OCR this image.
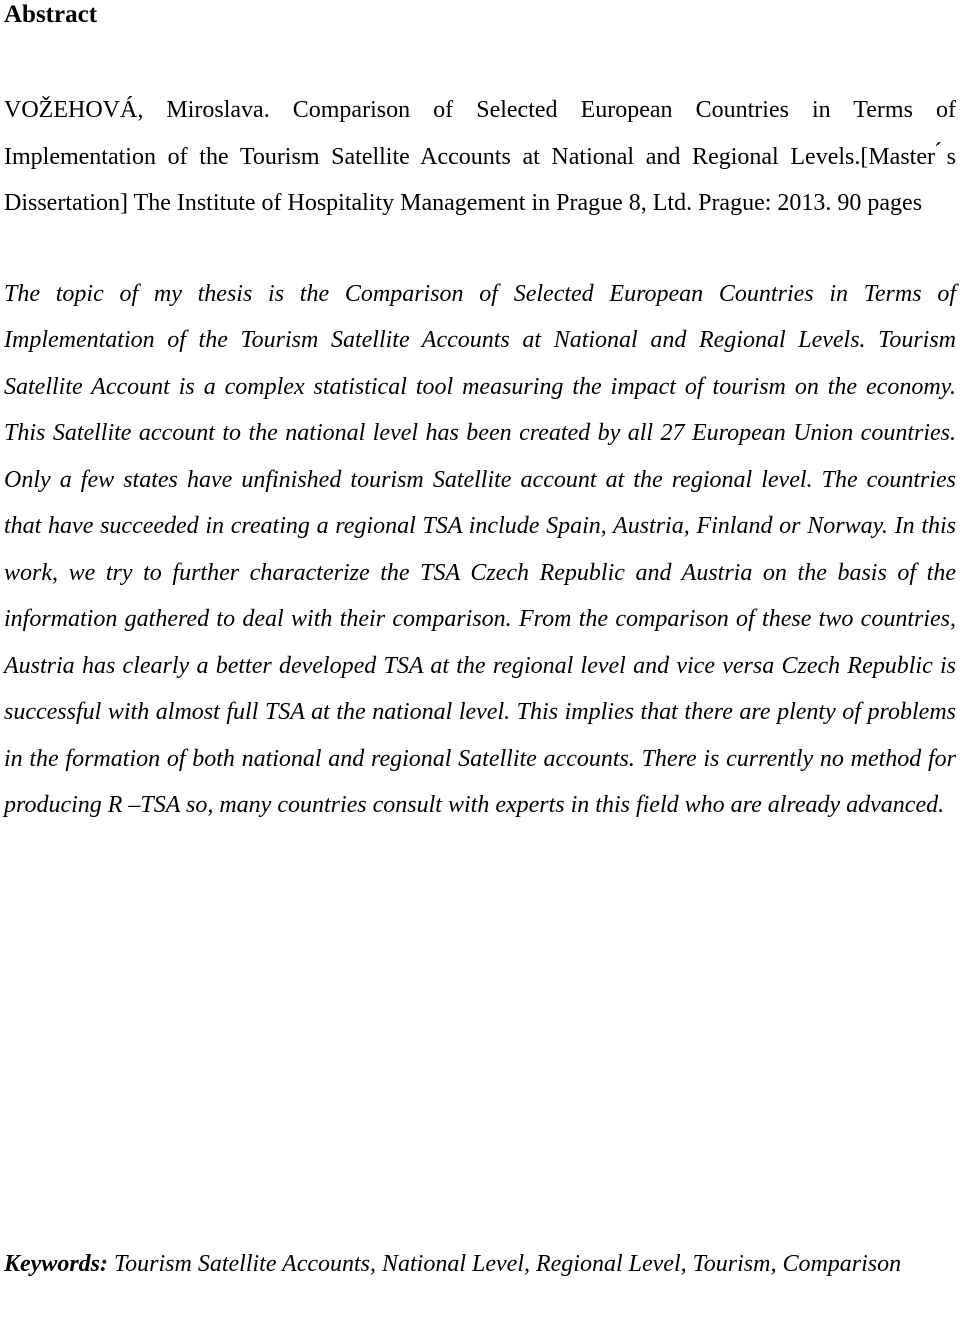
Abstract

VOŽEHOVÁ, Miroslava. Comparison of Selected European Countries in Terms of Implementation of the Tourism Satellite Accounts at National and Regional Levels.[Master ́s Dissertation] The Institute of Hospitality Management in Prague 8, Ltd. Prague: 2013. 90 pages

The topic of my thesis is the Comparison of Selected European Countries in Terms of Implementation of the Tourism Satellite Accounts at National and Regional Levels. Tourism Satellite Account is a complex statistical tool measuring the impact of tourism on the economy. This Satellite account to the national level has been created by all 27 European Union countries. Only a few states have unfinished tourism Satellite account at the regional level. The countries that have succeeded in creating a regional TSA include Spain, Austria, Finland or Norway. In this work, we try to further characterize the TSA Czech Republic and Austria on the basis of the information gathered to deal with their comparison. From the comparison of these two countries, Austria has clearly a better developed TSA at the regional level and vice versa Czech Republic is successful with almost full TSA at the national level. This implies that there are plenty of problems in the formation of both national and regional Satellite accounts. There is currently no method for producing R –TSA so, many countries consult with experts in this field who are already advanced.

Keywords: Tourism Satellite Accounts, National Level, Regional Level, Tourism, Comparison
